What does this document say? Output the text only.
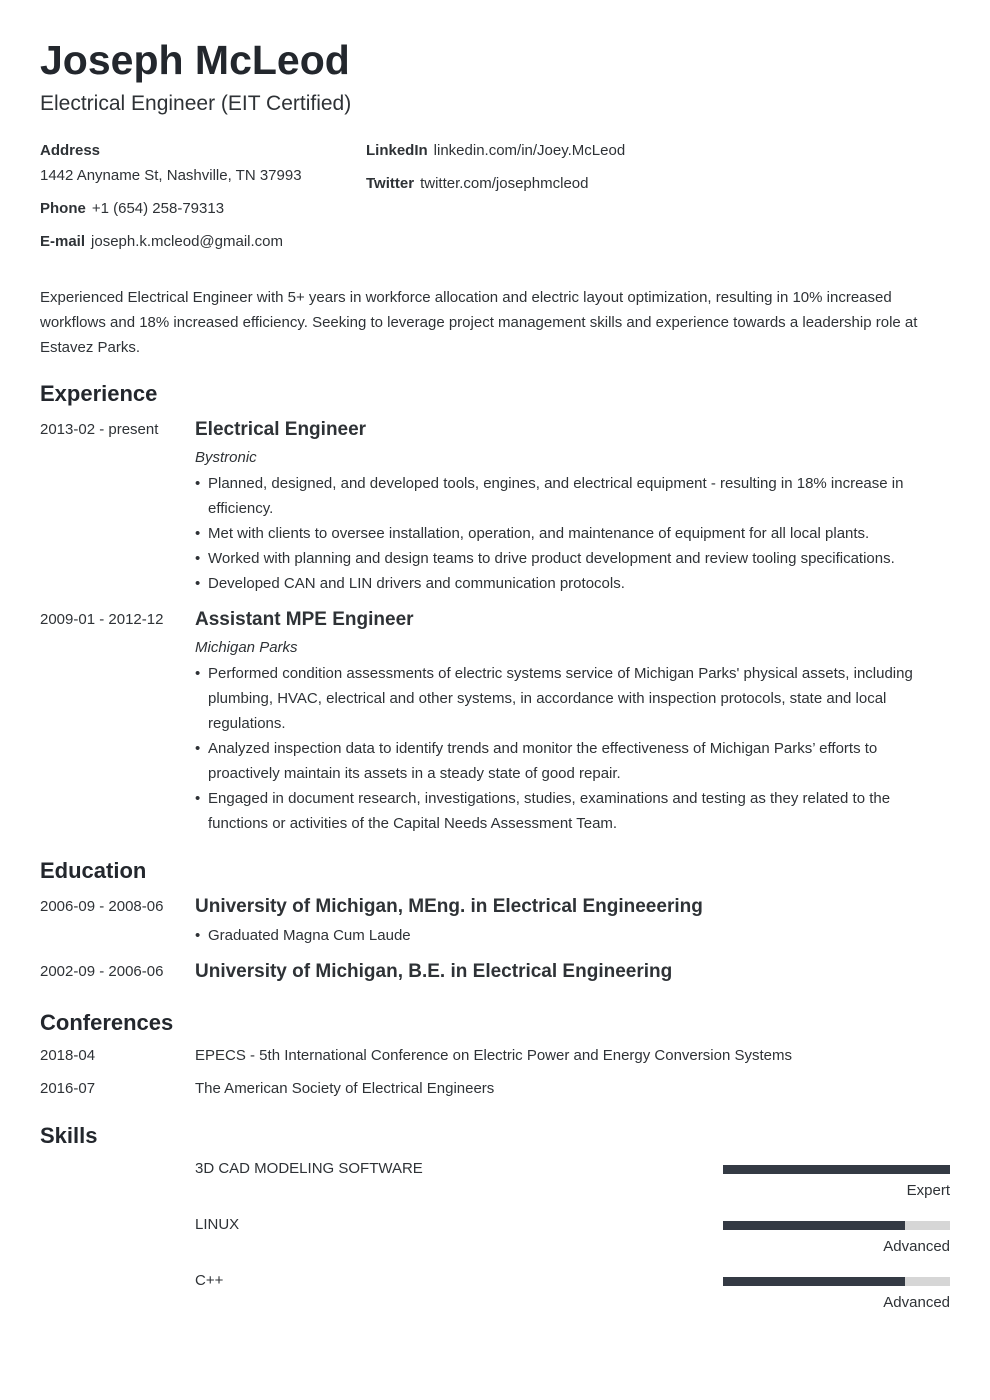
Joseph McLeod
Electrical Engineer (EIT Certified)
Address
1442 Anyname St, Nashville, TN 37993
Phone +1 (654) 258-79313
E-mail joseph.k.mcleod@gmail.com
LinkedIn linkedin.com/in/Joey.McLeod
Twitter twitter.com/josephmcleod
Experienced Electrical Engineer with 5+ years in workforce allocation and electric layout optimization, resulting in 10% increased workflows and 18% increased efficiency. Seeking to leverage project management skills and experience towards a leadership role at Estavez Parks.
Experience
2013-02 - present Electrical Engineer
Bystronic
• Planned, designed, and developed tools, engines, and electrical equipment - resulting in 18% increase in efficiency.
• Met with clients to oversee installation, operation, and maintenance of equipment for all local plants.
• Worked with planning and design teams to drive product development and review tooling specifications.
• Developed CAN and LIN drivers and communication protocols.
2009-01 - 2012-12 Assistant MPE Engineer
Michigan Parks
• Performed condition assessments of electric systems service of Michigan Parks' physical assets, including plumbing, HVAC, electrical and other systems, in accordance with inspection protocols, state and local regulations.
• Analyzed inspection data to identify trends and monitor the effectiveness of Michigan Parks’ efforts to proactively maintain its assets in a steady state of good repair.
• Engaged in document research, investigations, studies, examinations and testing as they related to the functions or activities of the Capital Needs Assessment Team.
Education
2006-09 - 2008-06 University of Michigan, MEng. in Electrical Engineeering
• Graduated Magna Cum Laude
2002-09 - 2006-06 University of Michigan, B.E. in Electrical Engineering
Conferences
2018-04	EPECS - 5th International Conference on Electric Power and Energy Conversion Systems
2016-07	The American Society of Electrical Engineers
Skills
3D CAD MODELING SOFTWARE
Expert
LINUX
Advanced
C++
Advanced
